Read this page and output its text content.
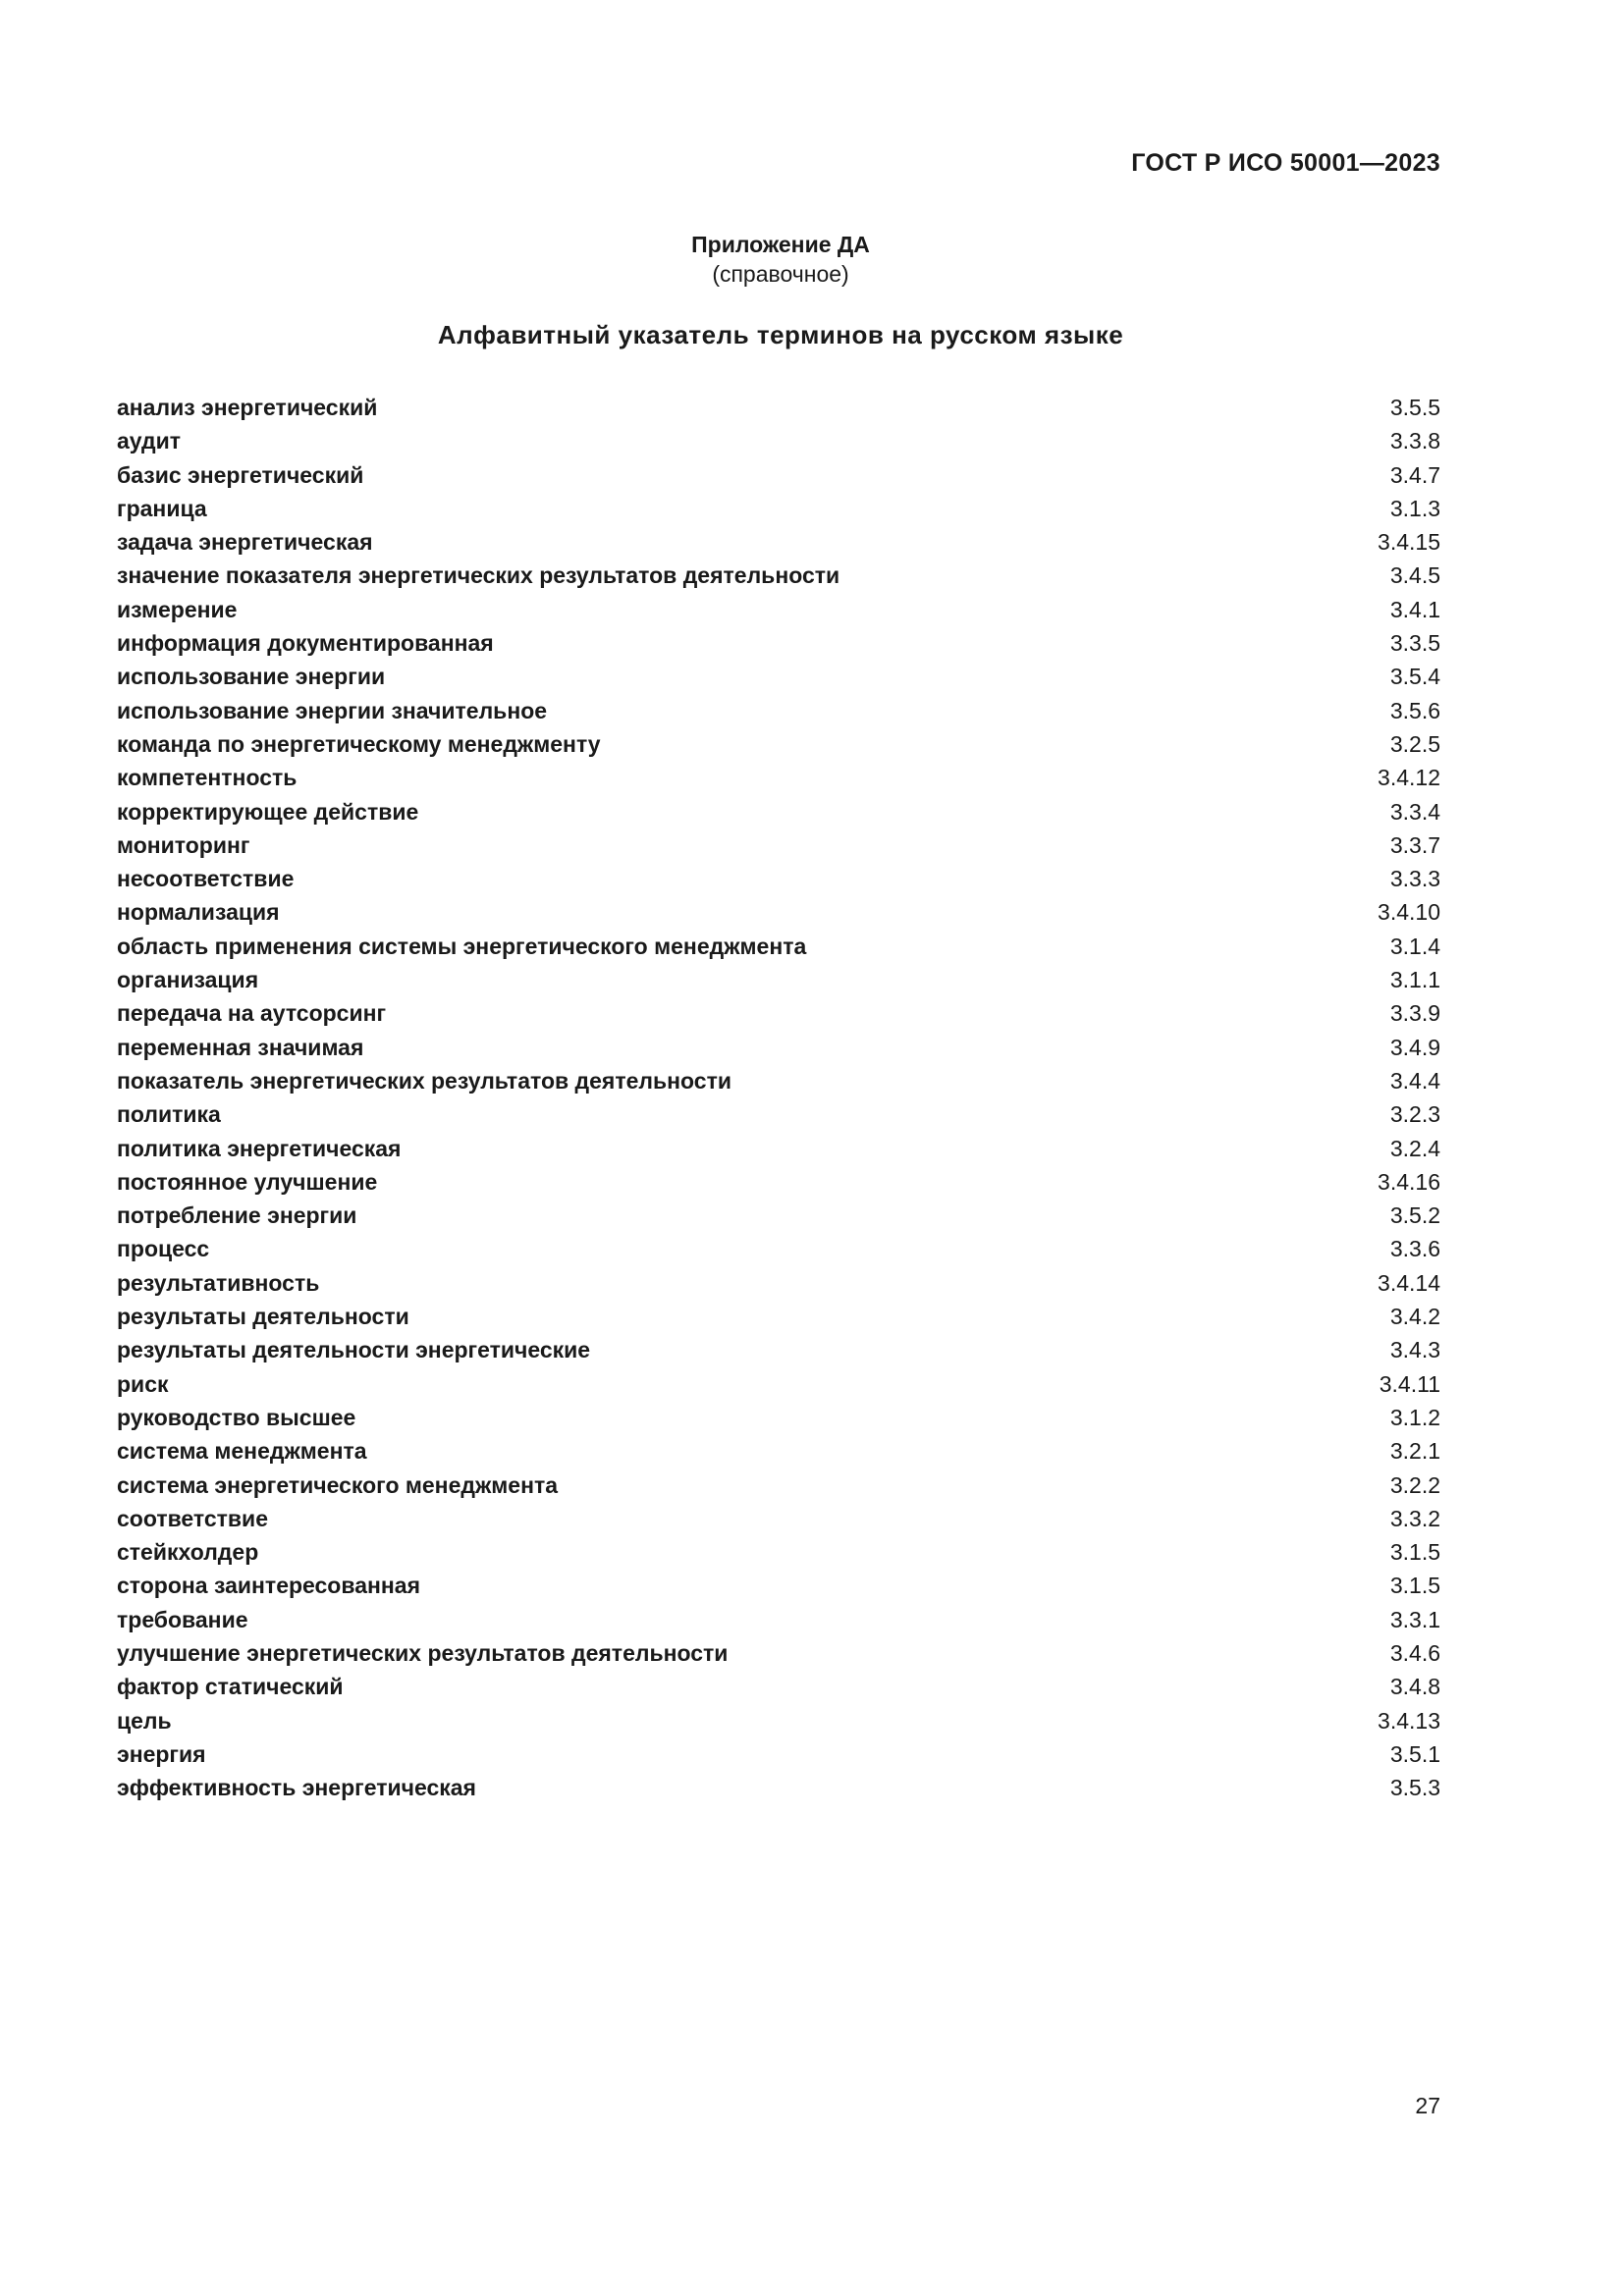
ГОСТ Р ИСО 50001—2023
Приложение ДА
(справочное)
Алфавитный указатель терминов на русском языке
анализ энергетический	3.5.5
аудит	3.3.8
базис энергетический	3.4.7
граница	3.1.3
задача энергетическая	3.4.15
значение показателя энергетических результатов деятельности	3.4.5
измерение	3.4.1
информация документированная	3.3.5
использование энергии	3.5.4
использование энергии значительное	3.5.6
команда по энергетическому менеджменту	3.2.5
компетентность	3.4.12
корректирующее действие	3.3.4
мониторинг	3.3.7
несоответствие	3.3.3
нормализация	3.4.10
область применения системы энергетического менеджмента	3.1.4
организация	3.1.1
передача на аутсорсинг	3.3.9
переменная значимая	3.4.9
показатель энергетических результатов деятельности	3.4.4
политика	3.2.3
политика энергетическая	3.2.4
постоянное улучшение	3.4.16
потребление энергии	3.5.2
процесс	3.3.6
результативность	3.4.14
результаты деятельности	3.4.2
результаты деятельности энергетические	3.4.3
риск	3.4.11
руководство высшее	3.1.2
система менеджмента	3.2.1
система энергетического менеджмента	3.2.2
соответствие	3.3.2
стейкхолдер	3.1.5
сторона заинтересованная	3.1.5
требование	3.3.1
улучшение энергетических результатов деятельности	3.4.6
фактор статический	3.4.8
цель	3.4.13
энергия	3.5.1
эффективность энергетическая	3.5.3
27
